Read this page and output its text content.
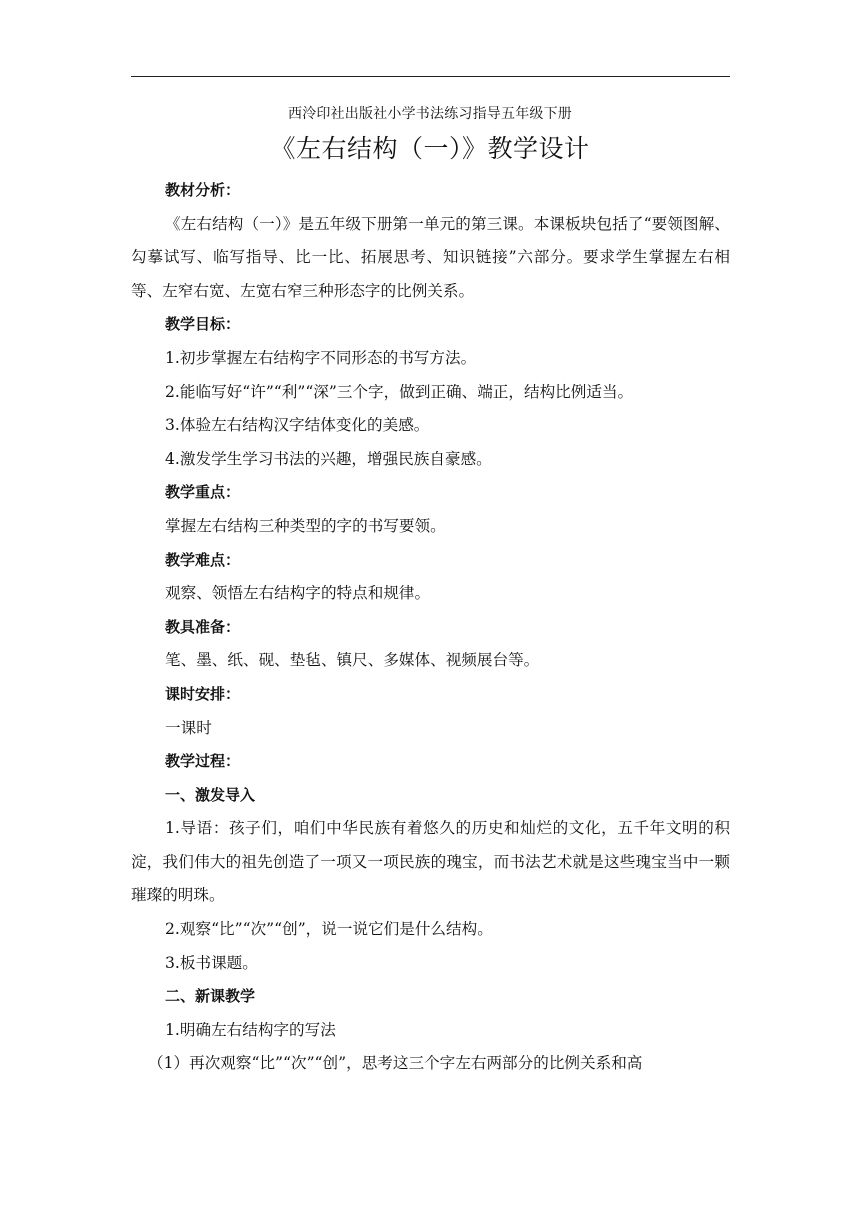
西泠印社出版社小学书法练习指导五年级下册
《左右结构（一）》教学设计

教材分析：

《左右结构（一）》是五年级下册第一单元的第三课。本课板块包括了“要领图解、勾摹试写、临写指导、比一比、拓展思考、知识链接”六部分。要求学生掌握左右相等、左窄右宽、左宽右窄三种形态字的比例关系。

教学目标：

1.初步掌握左右结构字不同形态的书写方法。

2.能临写好“许”“利”“深”三个字，做到正确、端正，结构比例适当。

3.体验左右结构汉字结体变化的美感。

4.激发学生学习书法的兴趣，增强民族自豪感。

教学重点：

掌握左右结构三种类型的字的书写要领。

教学难点：

观察、领悟左右结构字的特点和规律。

教具准备：

笔、墨、纸、砚、垫毡、镇尺、多媒体、视频展台等。

课时安排：

一课时

教学过程：

一、激发导入

1.导语：孩子们，咱们中华民族有着悠久的历史和灿烂的文化，五千年文明的积淀，我们伟大的祖先创造了一项又一项民族的瑰宝，而书法艺术就是这些瑰宝当中一颗璀璨的明珠。

2.观察“比”“次”“创”，说一说它们是什么结构。

3.板书课题。

二、新课教学

1.明确左右结构字的写法

（1）再次观察“比”“次”“创”，思考这三个字左右两部分的比例关系和高
